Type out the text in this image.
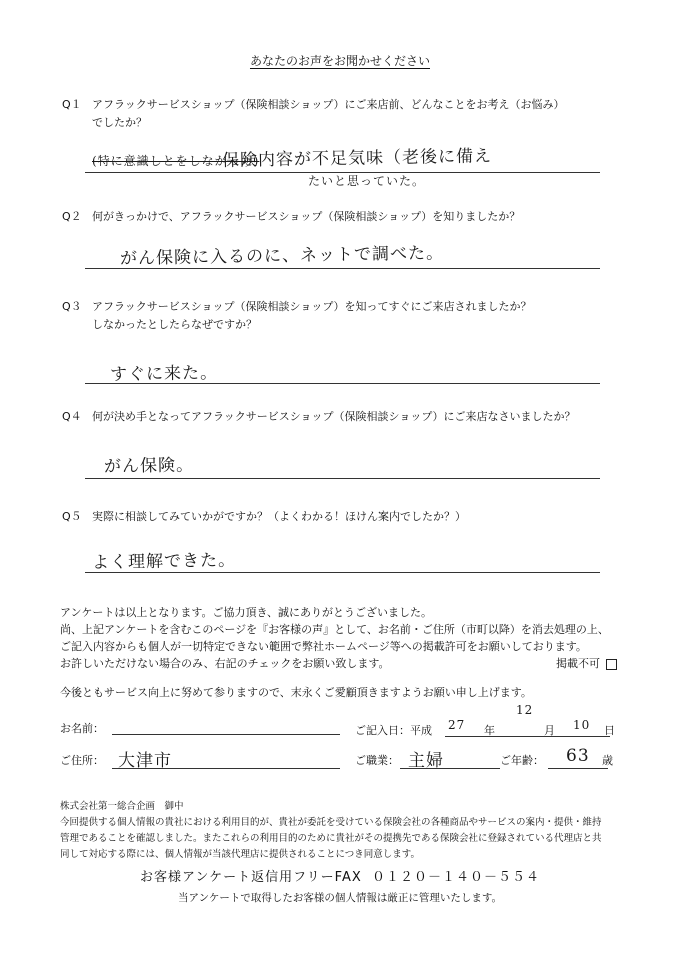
あなたのお声をお聞かせください
Q１ アフラックサービスショップ（保険相談ショップ）にご来店前、どんなことをお考え（お悩み）
でしたか？
(特に意識しとをしなかった)
保険内容が不足気味（老後に備え
たいと思っていた。
Q２ 何がきっかけで、アフラックサービスショップ（保険相談ショップ）を知りましたか？
がん保険に入るのに、ネットで調べた。
Q３ アフラックサービスショップ（保険相談ショップ）を知ってすぐにご来店されましたか？
しなかったとしたらなぜですか？
すぐに来た。
Q４ 何が決め手となってアフラックサービスショップ（保険相談ショップ）にご来店なさいましたか？
がん保険。
Q５ 実際に相談してみていかがですか？（よくわかる！ほけん案内でしたか？）
よく理解できた。
アンケートは以上となります。ご協力頂き、誠にありがとうございました。
尚、上記アンケートを含むこのページを『お客様の声』として、お名前・ご住所（市町以降）を消去処理の上、
ご記入内容からも個人が一切特定できない範囲で弊社ホームページ等への掲載許可をお願いしております。
お許しいただけない場合のみ、右記のチェックをお願い致します。	掲載不可
今後ともサービス向上に努めて参りますので、末永くご愛顧頂きますようお願い申し上げます。
お名前：	ご記入日：平成 27 年
12
月 10 日
ご住所： 大津市	ご職業： 主婦	ご年齢： 63 歳
株式会社第一総合企画　御中
今回提供する個人情報の貴社における利用目的が、貴社が委託を受けている保険会社の各種商品やサービスの案内・提供・維持
管理であることを確認しました。またこれらの利用目的のために貴社がその提携先である保険会社に登録されている代理店と共
同して対応する際には、個人情報が当該代理店に提供されることにつき同意します。
お客様アンケート返信用フリーFAX ０１２０－１４０－５５４
当アンケートで取得したお客様の個人情報は厳正に管理いたします。
